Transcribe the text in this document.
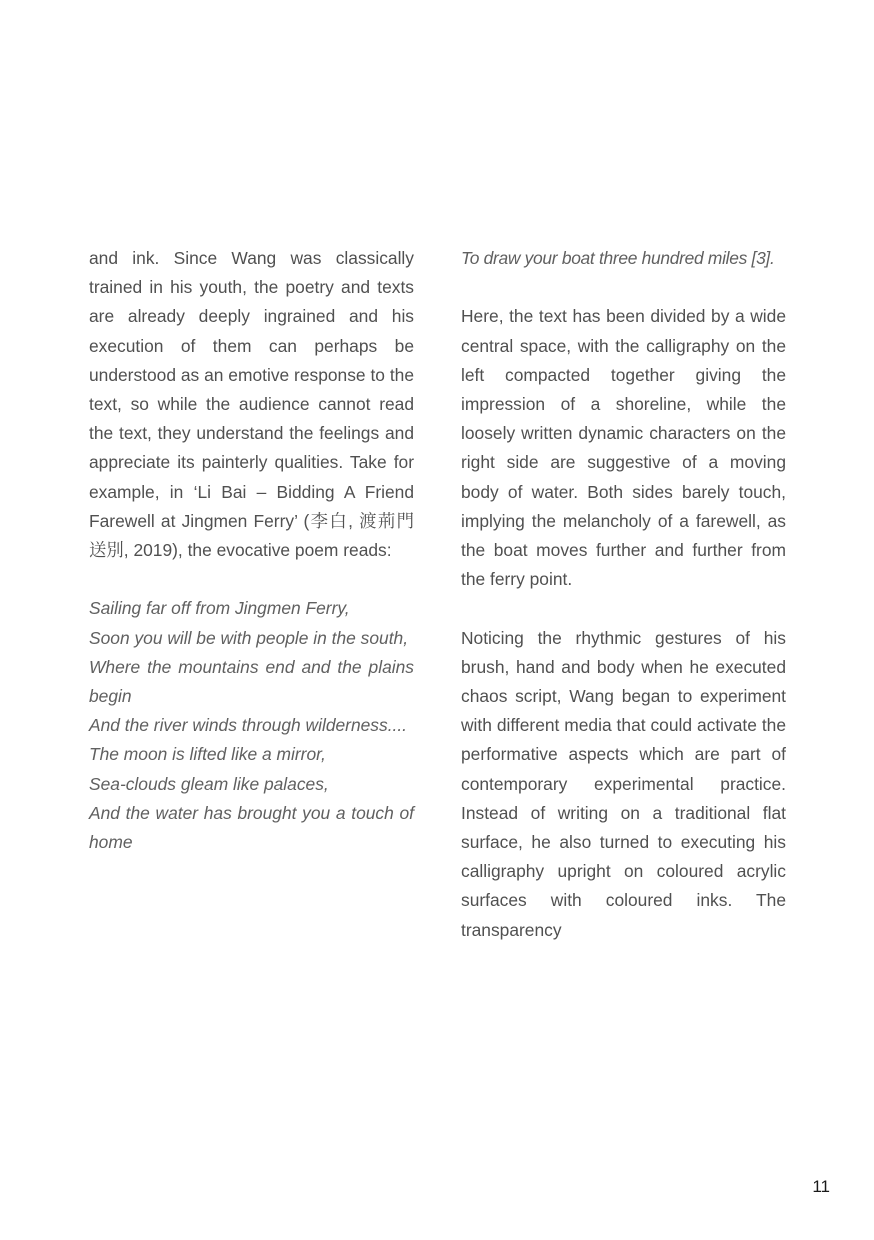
and ink. Since Wang was classically trained in his youth, the poetry and texts are already deeply ingrained and his execution of them can perhaps be understood as an emotive response to the text, so while the audience cannot read the text, they understand the feelings and appreciate its painterly qualities. Take for example, in ‘Li Bai – Bidding A Friend Farewell at Jingmen Ferry’ (李白, 渡荊門送別, 2019), the evocative poem reads:

Sailing far off from Jingmen Ferry,
Soon you will be with people in the south,
Where the mountains end and the plains begin
And the river winds through wilderness....
The moon is lifted like a mirror,
Sea-clouds gleam like palaces,
And the water has brought you a touch of home

To draw your boat three hundred miles [3].

Here, the text has been divided by a wide central space, with the calligraphy on the left compacted together giving the impression of a shoreline, while the loosely written dynamic characters on the right side are suggestive of a moving body of water. Both sides barely touch, implying the melancholy of a farewell, as the boat moves further and further from the ferry point.

Noticing the rhythmic gestures of his brush, hand and body when he executed chaos script, Wang began to experiment with different media that could activate the performative aspects which are part of contemporary experimental practice. Instead of writing on a traditional flat surface, he also turned to executing his calligraphy upright on coloured acrylic surfaces with coloured inks. The transparency

11
